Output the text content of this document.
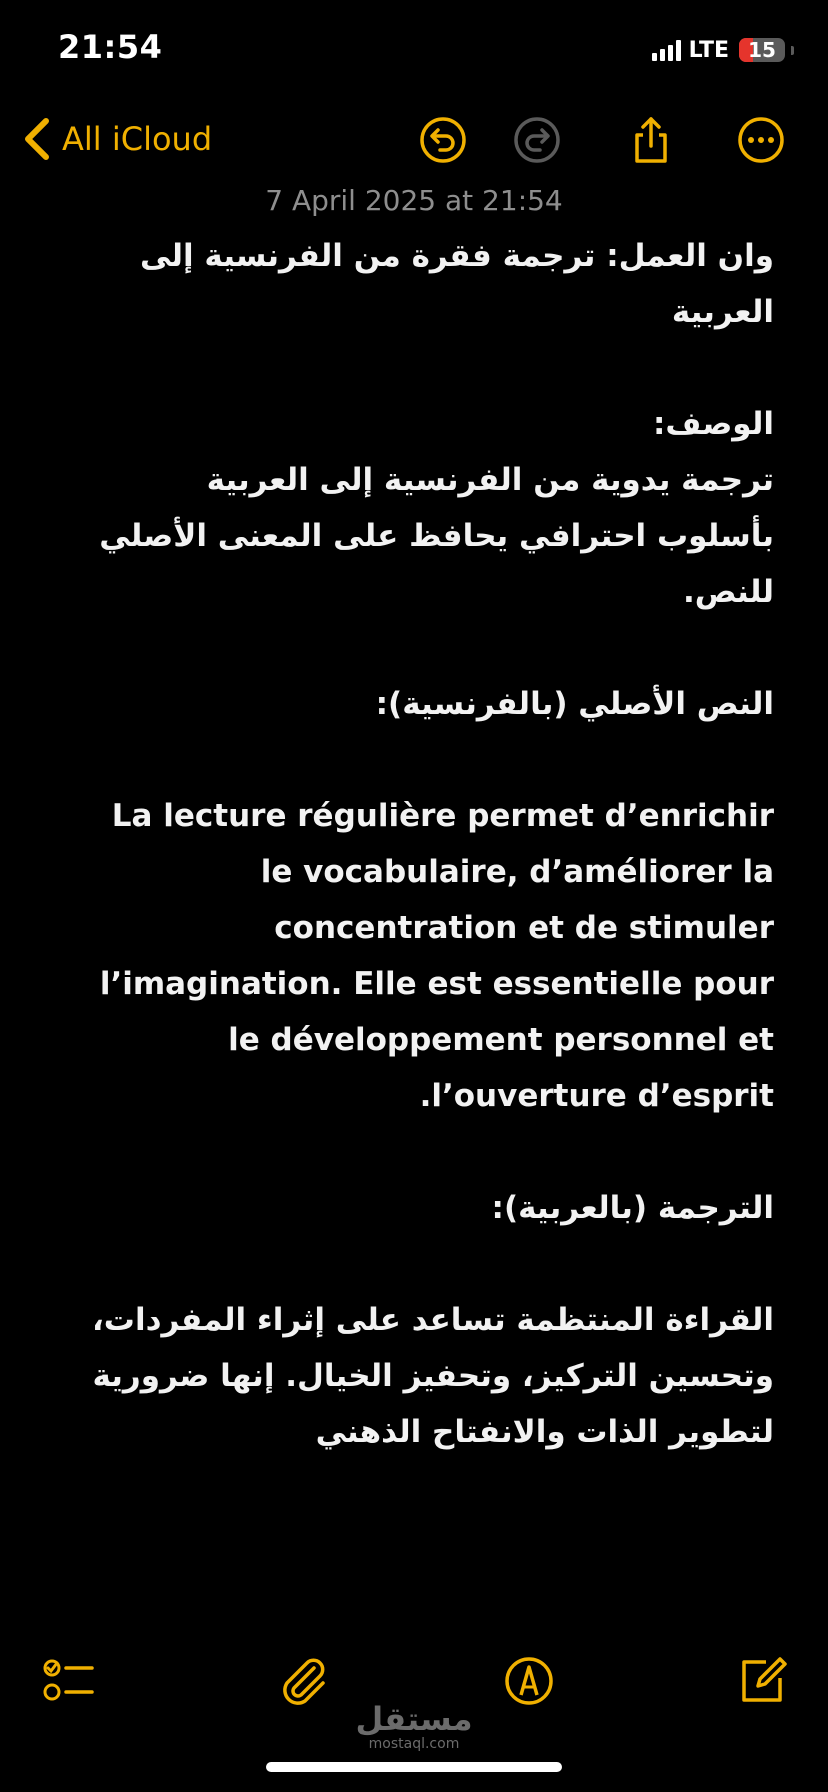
21:54	LTE 15
All iCloud
7 April 2025 at 21:54

وان العمل: ترجمة فقرة من الفرنسية إلى العربية

الوصف:

ترجمة يدوية من الفرنسية إلى العربية بأسلوب احترافي يحافظ على المعنى الأصلي للنص.

النص الأصلي (بالفرنسية):

La lecture régulière permet d’enrichir le vocabulaire, d’améliorer la concentration et de stimuler l’imagination. Elle est essentielle pour le développement personnel et l’ouverture d’esprit.

الترجمة (بالعربية):

القراءة المنتظمة تساعد على إثراء المفردات، وتحسين التركيز، وتحفيز الخيال. إنها ضرورية لتطوير الذات والانفتاح الذهني

مستقل
mostaql.com
